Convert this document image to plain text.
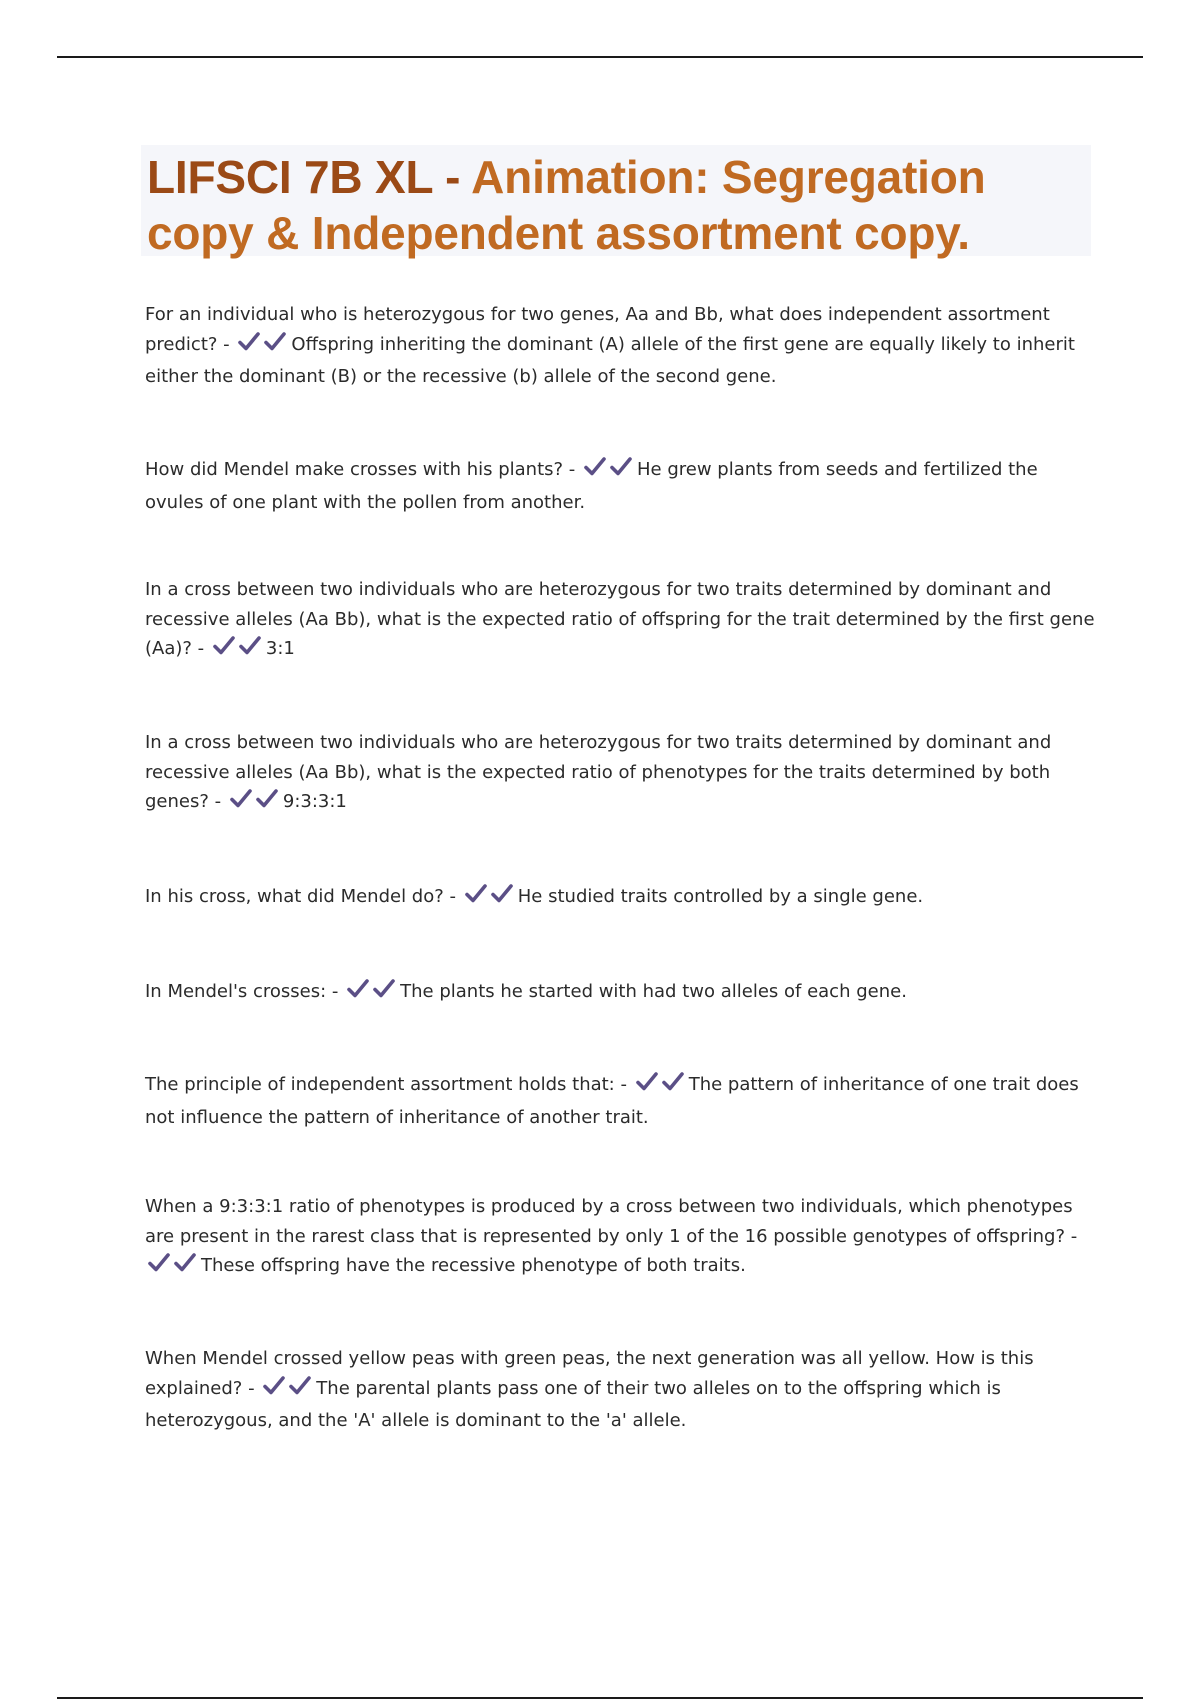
LIFSCI 7B XL - Animation: Segregation copy & Independent assortment copy.

For an individual who is heterozygous for two genes, Aa and Bb, what does independent assortment predict? -	Offspring inheriting the dominant (A) allele of the first gene are equally likely to inherit either the dominant (B) or the recessive (b) allele of the second gene.

How did Mendel make crosses with his plants? -	He grew plants from seeds and fertilized the ovules of one plant with the pollen from another.

In a cross between two individuals who are heterozygous for two traits determined by dominant and recessive alleles (Aa Bb), what is the expected ratio of offspring for the trait determined by the first gene (Aa)? -	3:1

In a cross between two individuals who are heterozygous for two traits determined by dominant and recessive alleles (Aa Bb), what is the expected ratio of phenotypes for the traits determined by both genes? -	9:3:3:1

In his cross, what did Mendel do? -	He studied traits controlled by a single gene.

In Mendel's crosses: -	The plants he started with had two alleles of each gene.

The principle of independent assortment holds that: -	The pattern of inheritance of one trait does not influence the pattern of inheritance of another trait.

When a 9:3:3:1 ratio of phenotypes is produced by a cross between two individuals, which phenotypes are present in the rarest class that is represented by only 1 of the 16 possible genotypes of offspring? -
These offspring have the recessive phenotype of both traits.

When Mendel crossed yellow peas with green peas, the next generation was all yellow. How is this explained? -	The parental plants pass one of their two alleles on to the offspring which is heterozygous, and the 'A' allele is dominant to the 'a' allele.
